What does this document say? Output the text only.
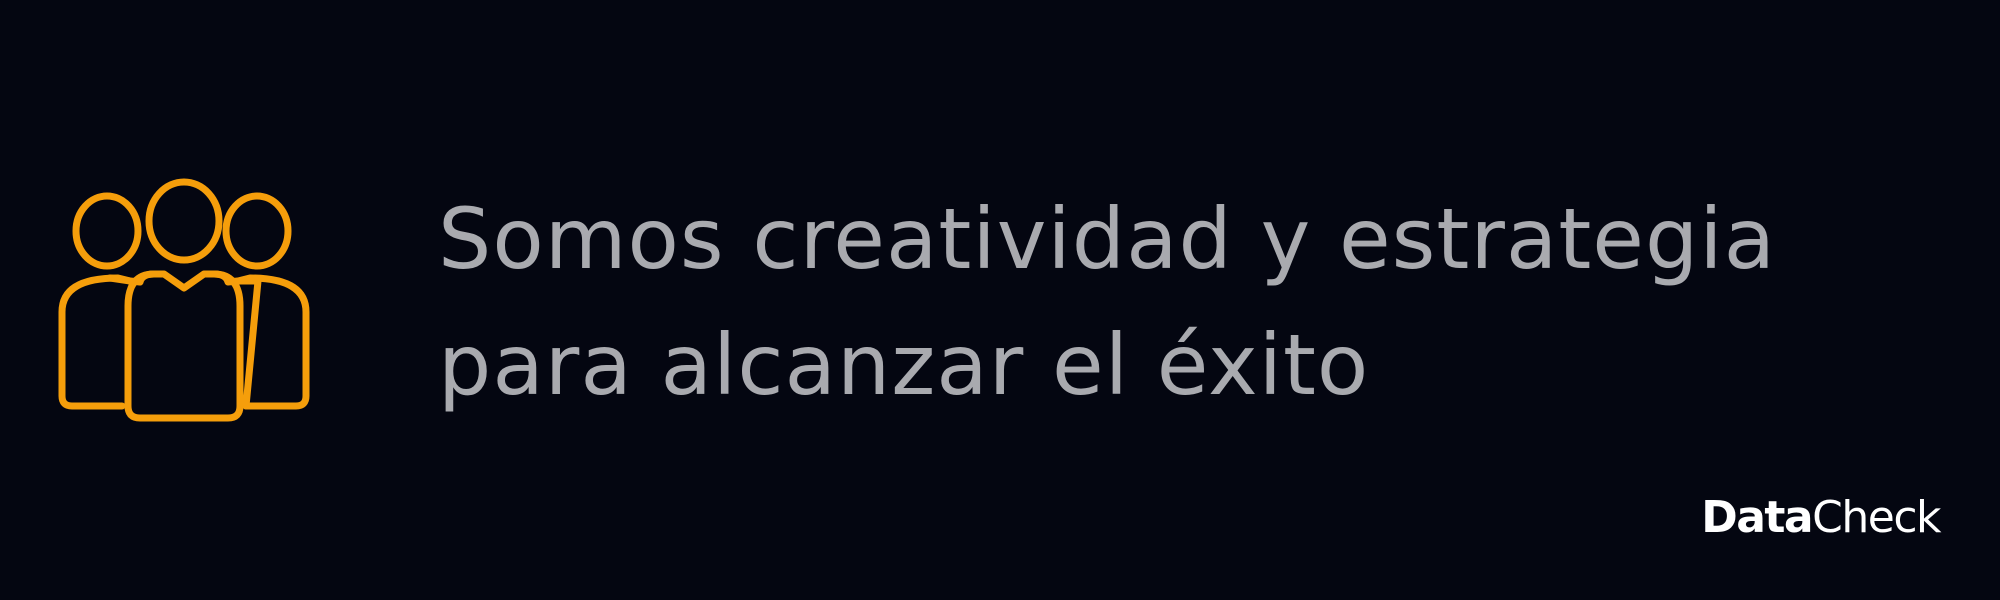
Somos creatividad y estrategia
para alcanzar el éxito
Data Check
